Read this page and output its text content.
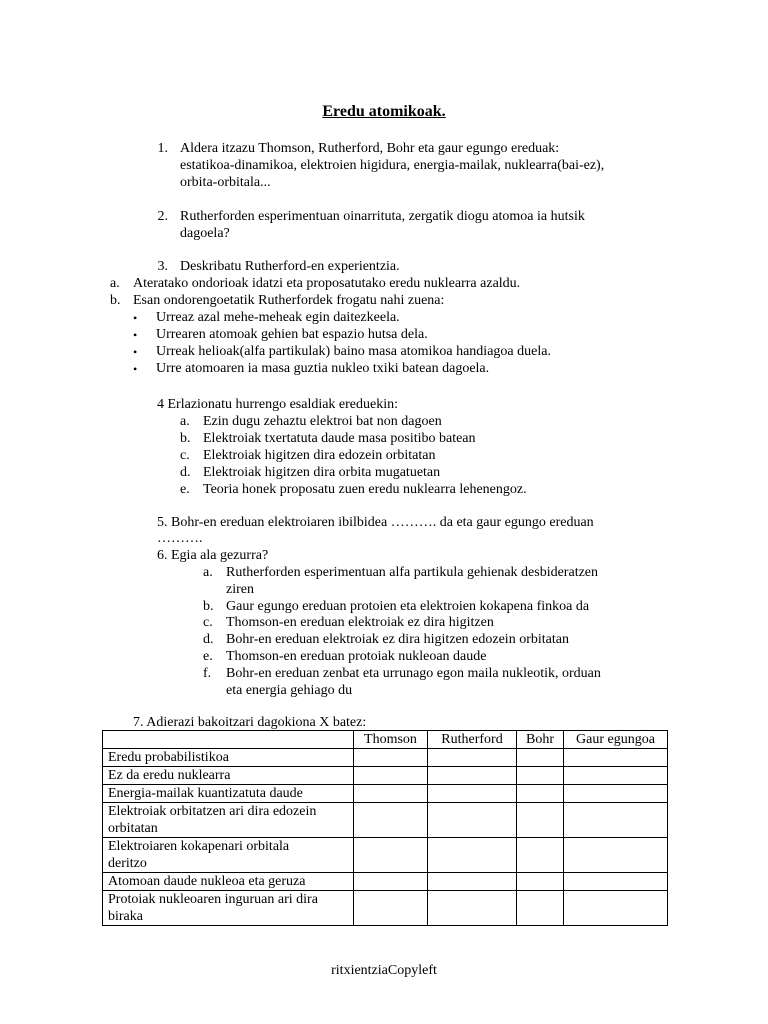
Eredu atomikoak.
1. Aldera itzazu Thomson, Rutherford, Bohr eta gaur egungo ereduak:
estatikoa-dinamikoa, elektroien higidura, energia-mailak, nuklearra(bai-ez),
orbita-orbitala...
2. Rutherforden esperimentuan oinarrituta, zergatik diogu atomoa ia hutsik
dagoela?
3. Deskribatu Rutherford-en experientzia.
a. Ateratako ondorioak idatzi eta proposatutako eredu nuklearra azaldu.
b. Esan ondorengoetatik Rutherfordek frogatu nahi zuena:
• Urreaz azal mehe-meheak egin daitezkeela.
• Urrearen atomoak gehien bat espazio hutsa dela.
• Urreak helioak(alfa partikulak) baino masa atomikoa handiagoa duela.
• Urre atomoaren ia masa guztia nukleo txiki batean dagoela.
4 Erlazionatu hurrengo esaldiak ereduekin:
a. Ezin dugu zehaztu elektroi bat non dagoen
b. Elektroiak txertatuta daude masa positibo batean
c. Elektroiak higitzen dira edozein orbitatan
d. Elektroiak higitzen dira orbita mugatuetan
e. Teoria honek proposatu zuen eredu nuklearra lehenengoz.
5. Bohr-en ereduan elektroiaren ibilbidea ………. da eta gaur egungo ereduan
……….
6. Egia ala gezurra?
a. Rutherforden esperimentuan alfa partikula gehienak desbideratzen
ziren
b. Gaur egungo ereduan protoien eta elektroien kokapena finkoa da
c. Thomson-en ereduan elektroiak ez dira higitzen
d. Bohr-en ereduan elektroiak ez dira higitzen edozein orbitatan
e. Thomson-en ereduan protoiak nukleoan daude
f. Bohr-en ereduan zenbat eta urrunago egon maila nukleotik, orduan
eta energia gehiago du
7. Adierazi bakoitzari dagokiona X batez:
	Thomson	Rutherford	Bohr	Gaur egungoa
Eredu probabilistikoa				
Ez da eredu nuklearra				
Energia-mailak kuantizatuta daude				
Elektroiak orbitatzen ari dira edozein
orbitatan				
Elektroiaren kokapenari orbitala
deritzo				
Atomoan daude nukleoa eta geruza				
Protoiak nukleoaren inguruan ari dira
biraka				
ritxientziaCopyleft
